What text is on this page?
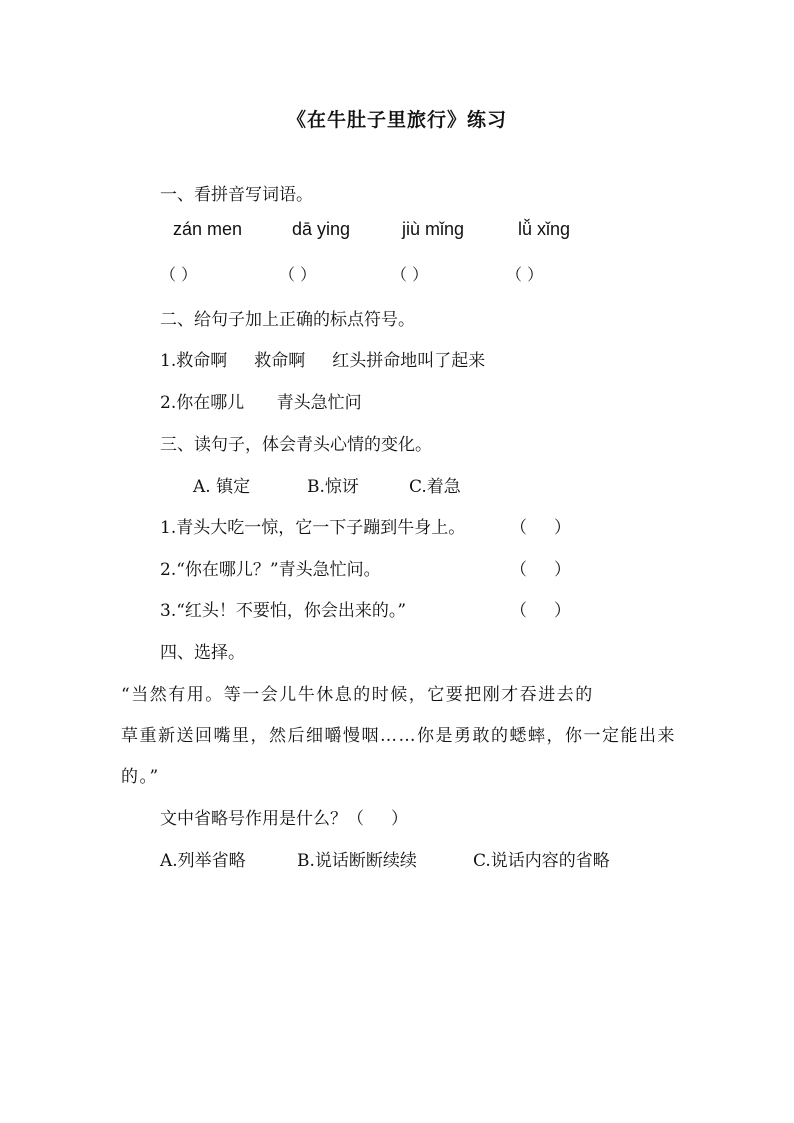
《在牛肚子里旅行》练习
一、看拼音写词语。
zán men	dā ying	jiù mǐng	lǚ xǐng
（ ）	（ ）	（ ）	（ ）
二、给句子加上正确的标点符号。
1.救命啊     救命啊     红头拼命地叫了起来
2.你在哪儿      青头急忙问
三、读句子，体会青头心情的变化。
A. 镇定	B.惊讶	C.着急
1.青头大吃一惊，它一下子蹦到牛身上。	（     ）
2.“你在哪儿？”青头急忙问。	（     ）
3.“红头！不要怕，你会出来的。”	（     ）
四、选择。
“当然有用。等一会儿牛休息的时候，它要把刚才吞进去的
草重新送回嘴里，然后细嚼慢咽……你是勇敢的蟋蟀，你一定能出来
的。”
文中省略号作用是什么？（     ）
A.列举省略	B.说话断断续续	C.说话内容的省略
